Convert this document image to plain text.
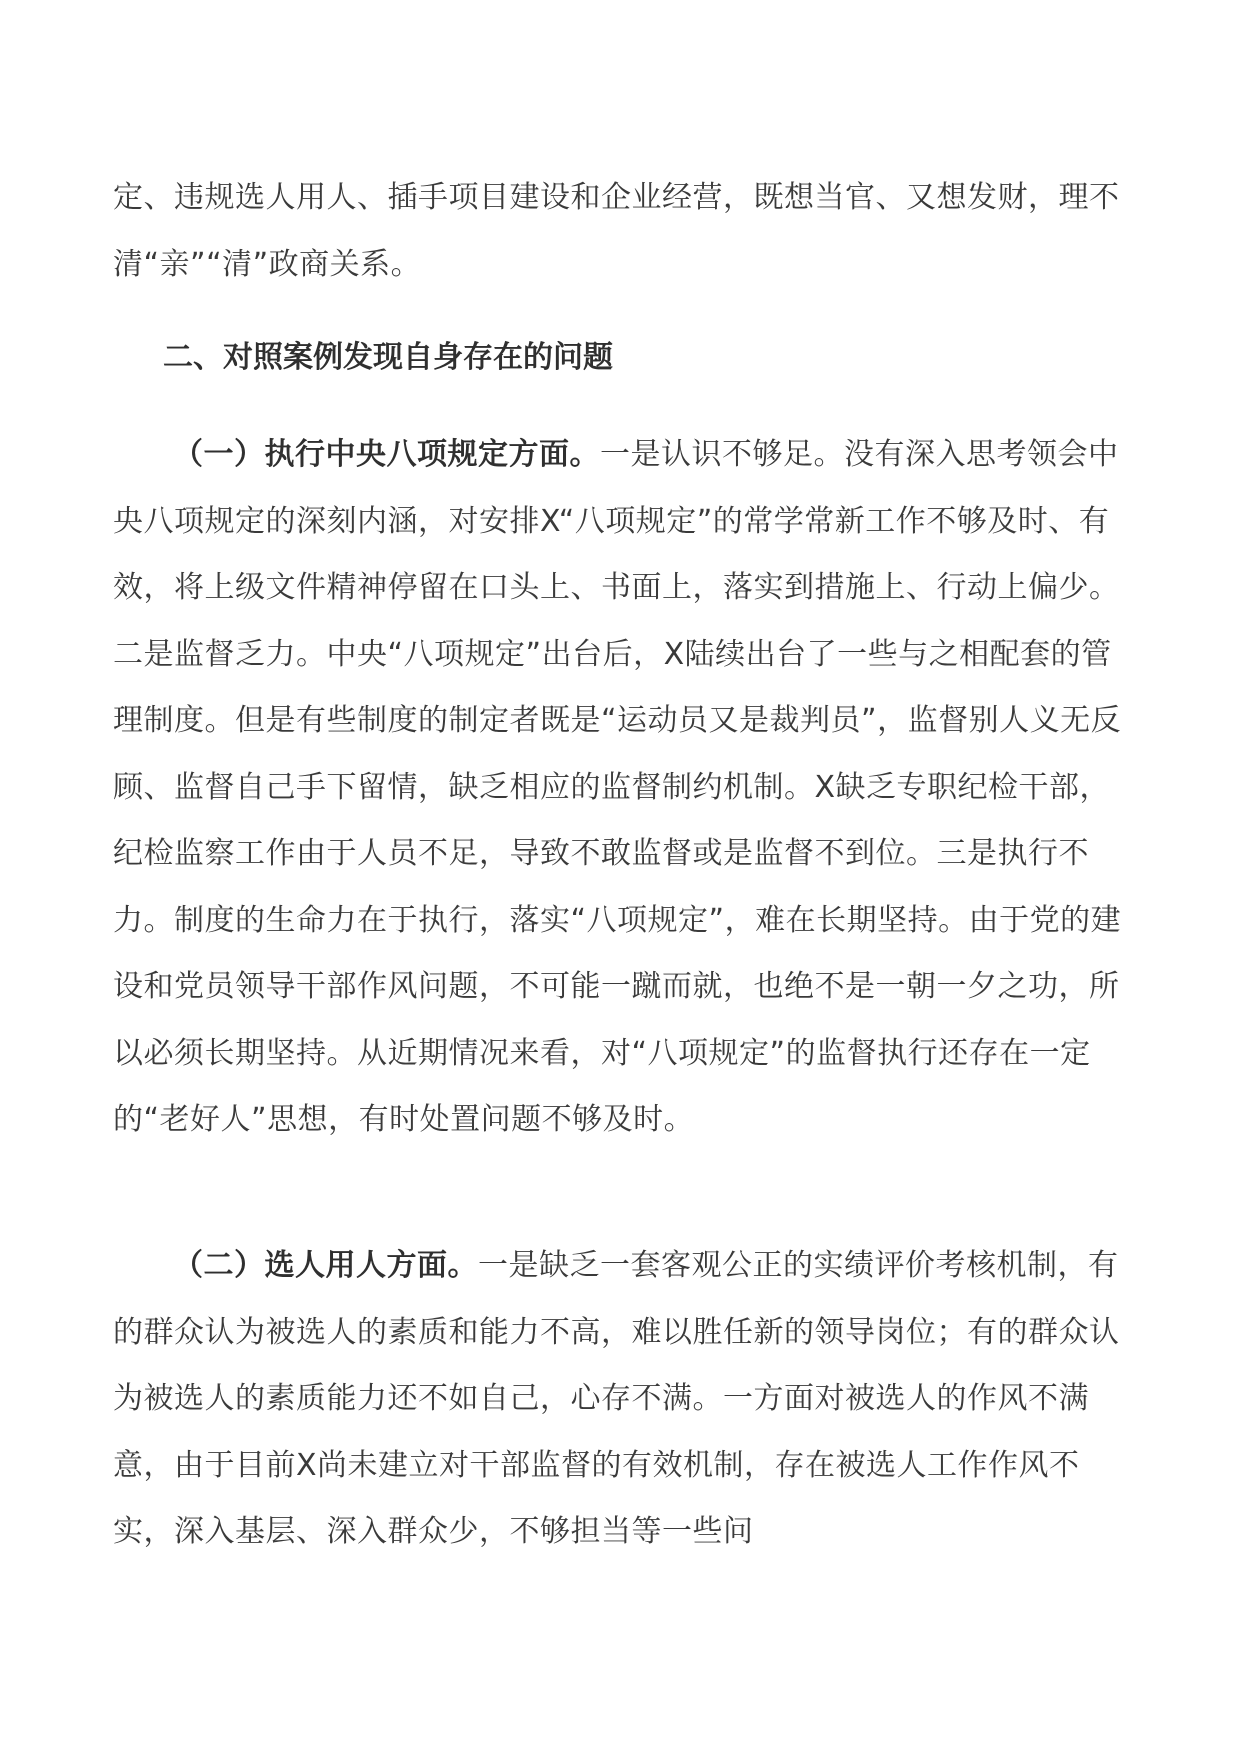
定、违规选人用人、插手项目建设和企业经营，既想当官、又想发财，理不清“亲”“清”政商关系。

二、对照案例发现自身存在的问题

（一）执行中央八项规定方面。一是认识不够足。没有深入思考领会中央八项规定的深刻内涵，对安排X“八项规定”的常学常新工作不够及时、有效，将上级文件精神停留在口头上、书面上，落实到措施上、行动上偏少。二是监督乏力。中央“八项规定”出台后，X陆续出台了一些与之相配套的管理制度。但是有些制度的制定者既是“运动员又是裁判员”，监督别人义无反顾、监督自己手下留情，缺乏相应的监督制约机制。X缺乏专职纪检干部，纪检监察工作由于人员不足，导致不敢监督或是监督不到位。三是执行不力。制度的生命力在于执行，落实“八项规定”，难在长期坚持。由于党的建设和党员领导干部作风问题，不可能一蹴而就，也绝不是一朝一夕之功，所以必须长期坚持。从近期情况来看，对“八项规定”的监督执行还存在一定的“老好人”思想，有时处置问题不够及时。

（二）选人用人方面。一是缺乏一套客观公正的实绩评价考核机制，有的群众认为被选人的素质和能力不高，难以胜任新的领导岗位；有的群众认为被选人的素质能力还不如自己，心存不满。一方面对被选人的作风不满意，由于目前X尚未建立对干部监督的有效机制，存在被选人工作作风不实，深入基层、深入群众少，不够担当等一些问
